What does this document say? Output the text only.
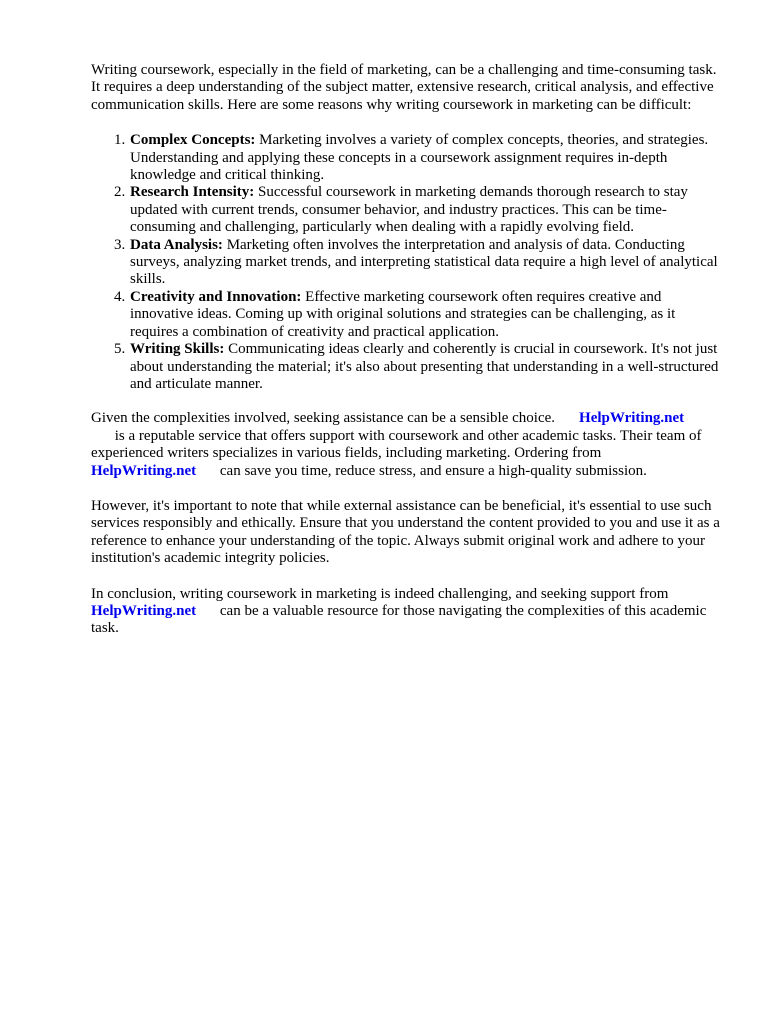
Writing coursework, especially in the field of marketing, can be a challenging and time-consuming task. It requires a deep understanding of the subject matter, extensive research, critical analysis, and effective communication skills. Here are some reasons why writing coursework in marketing can be difficult:

1. Complex Concepts: Marketing involves a variety of complex concepts, theories, and strategies. Understanding and applying these concepts in a coursework assignment requires in-depth knowledge and critical thinking.
2. Research Intensity: Successful coursework in marketing demands thorough research to stay updated with current trends, consumer behavior, and industry practices. This can be time-consuming and challenging, particularly when dealing with a rapidly evolving field.
3. Data Analysis: Marketing often involves the interpretation and analysis of data. Conducting surveys, analyzing market trends, and interpreting statistical data require a high level of analytical skills.
4. Creativity and Innovation: Effective marketing coursework often requires creative and innovative ideas. Coming up with original solutions and strategies can be challenging, as it requires a combination of creativity and practical application.
5. Writing Skills: Communicating ideas clearly and coherently is crucial in coursework. It's not just about understanding the material; it's also about presenting that understanding in a well-structured and articulate manner.

Given the complexities involved, seeking assistance can be a sensible choice. HelpWriting.net
is a reputable service that offers support with coursework and other academic tasks. Their team of experienced writers specializes in various fields, including marketing. Ordering from
HelpWriting.net can save you time, reduce stress, and ensure a high-quality submission.

However, it's important to note that while external assistance can be beneficial, it's essential to use such services responsibly and ethically. Ensure that you understand the content provided to you and use it as a reference to enhance your understanding of the topic. Always submit original work and adhere to your institution's academic integrity policies.

In conclusion, writing coursework in marketing is indeed challenging, and seeking support from
HelpWriting.net can be a valuable resource for those navigating the complexities of this academic task.
